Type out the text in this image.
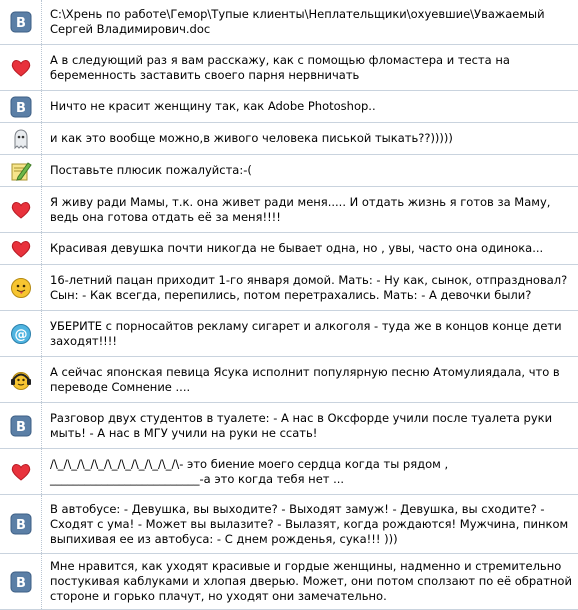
B
C:\Хрень по работе\Гемор\Тупые клиенты\Неплательщики\охуевшие\Уважаемый Сергей Владимирович.doc
А в следующий раз я вам расскажу, как с помощью фломастера и теста на беременность заставить своего парня нервничать
B	Ничто не красит женщину так, как Adobe Photoshop..
и как это вообще можно,в живого человека писькой тыкать??)))))
Поставьте плюсик пожалуйста:-(
Я живу ради Мамы, т.к. она живет ради меня..... И отдать жизнь я готов за Маму, ведь она готова отдать её за меня!!!!
Красивая девушка почти никогда не бывает одна, но , увы, часто она одинока...
16-летний пацан приходит 1-го января домой. Мать: - Ну как, сынок, отпраздновал? Сын: - Как всегда, перепились, потом перетрахались. Мать: - А девочки были?
@
УБЕРИТЕ с порносайтов рекламу сигарет и алкоголя - туда же в концов конце дети заходят!!!!
А сейчас японская певица Ясука исполнит популярную песню Атомулиядала, что в переводе Сомнение ....
B
Разговор двух студентов в туалете: - А нас в Оксфорде учили после туалета руки мыть! - А нас в МГУ учили на руки не ссать!
/\_/\_/\_/\_/\_/\_/\_/\_/\_/\- это биение моего сердца когда ты рядом , __________________________-а это когда тебя нет ...
B
В автобусе: - Девушка, вы выходите? - Выходят замуж! - Девушка, вы сходите? - Сходят с ума! - Может вы вылазите? - Вылазят, когда рождаются! Мужчина, пинком выпихивая ее из автобуса: - С днем рожденья, сука!!! )))
B
Мне нравится, как уходят красивые и гордые женщины, надменно и стремительно постукивая каблуками и хлопая дверью. Может, они потом сползают по её обратной стороне и горько плачут, но уходят они замечательно.
